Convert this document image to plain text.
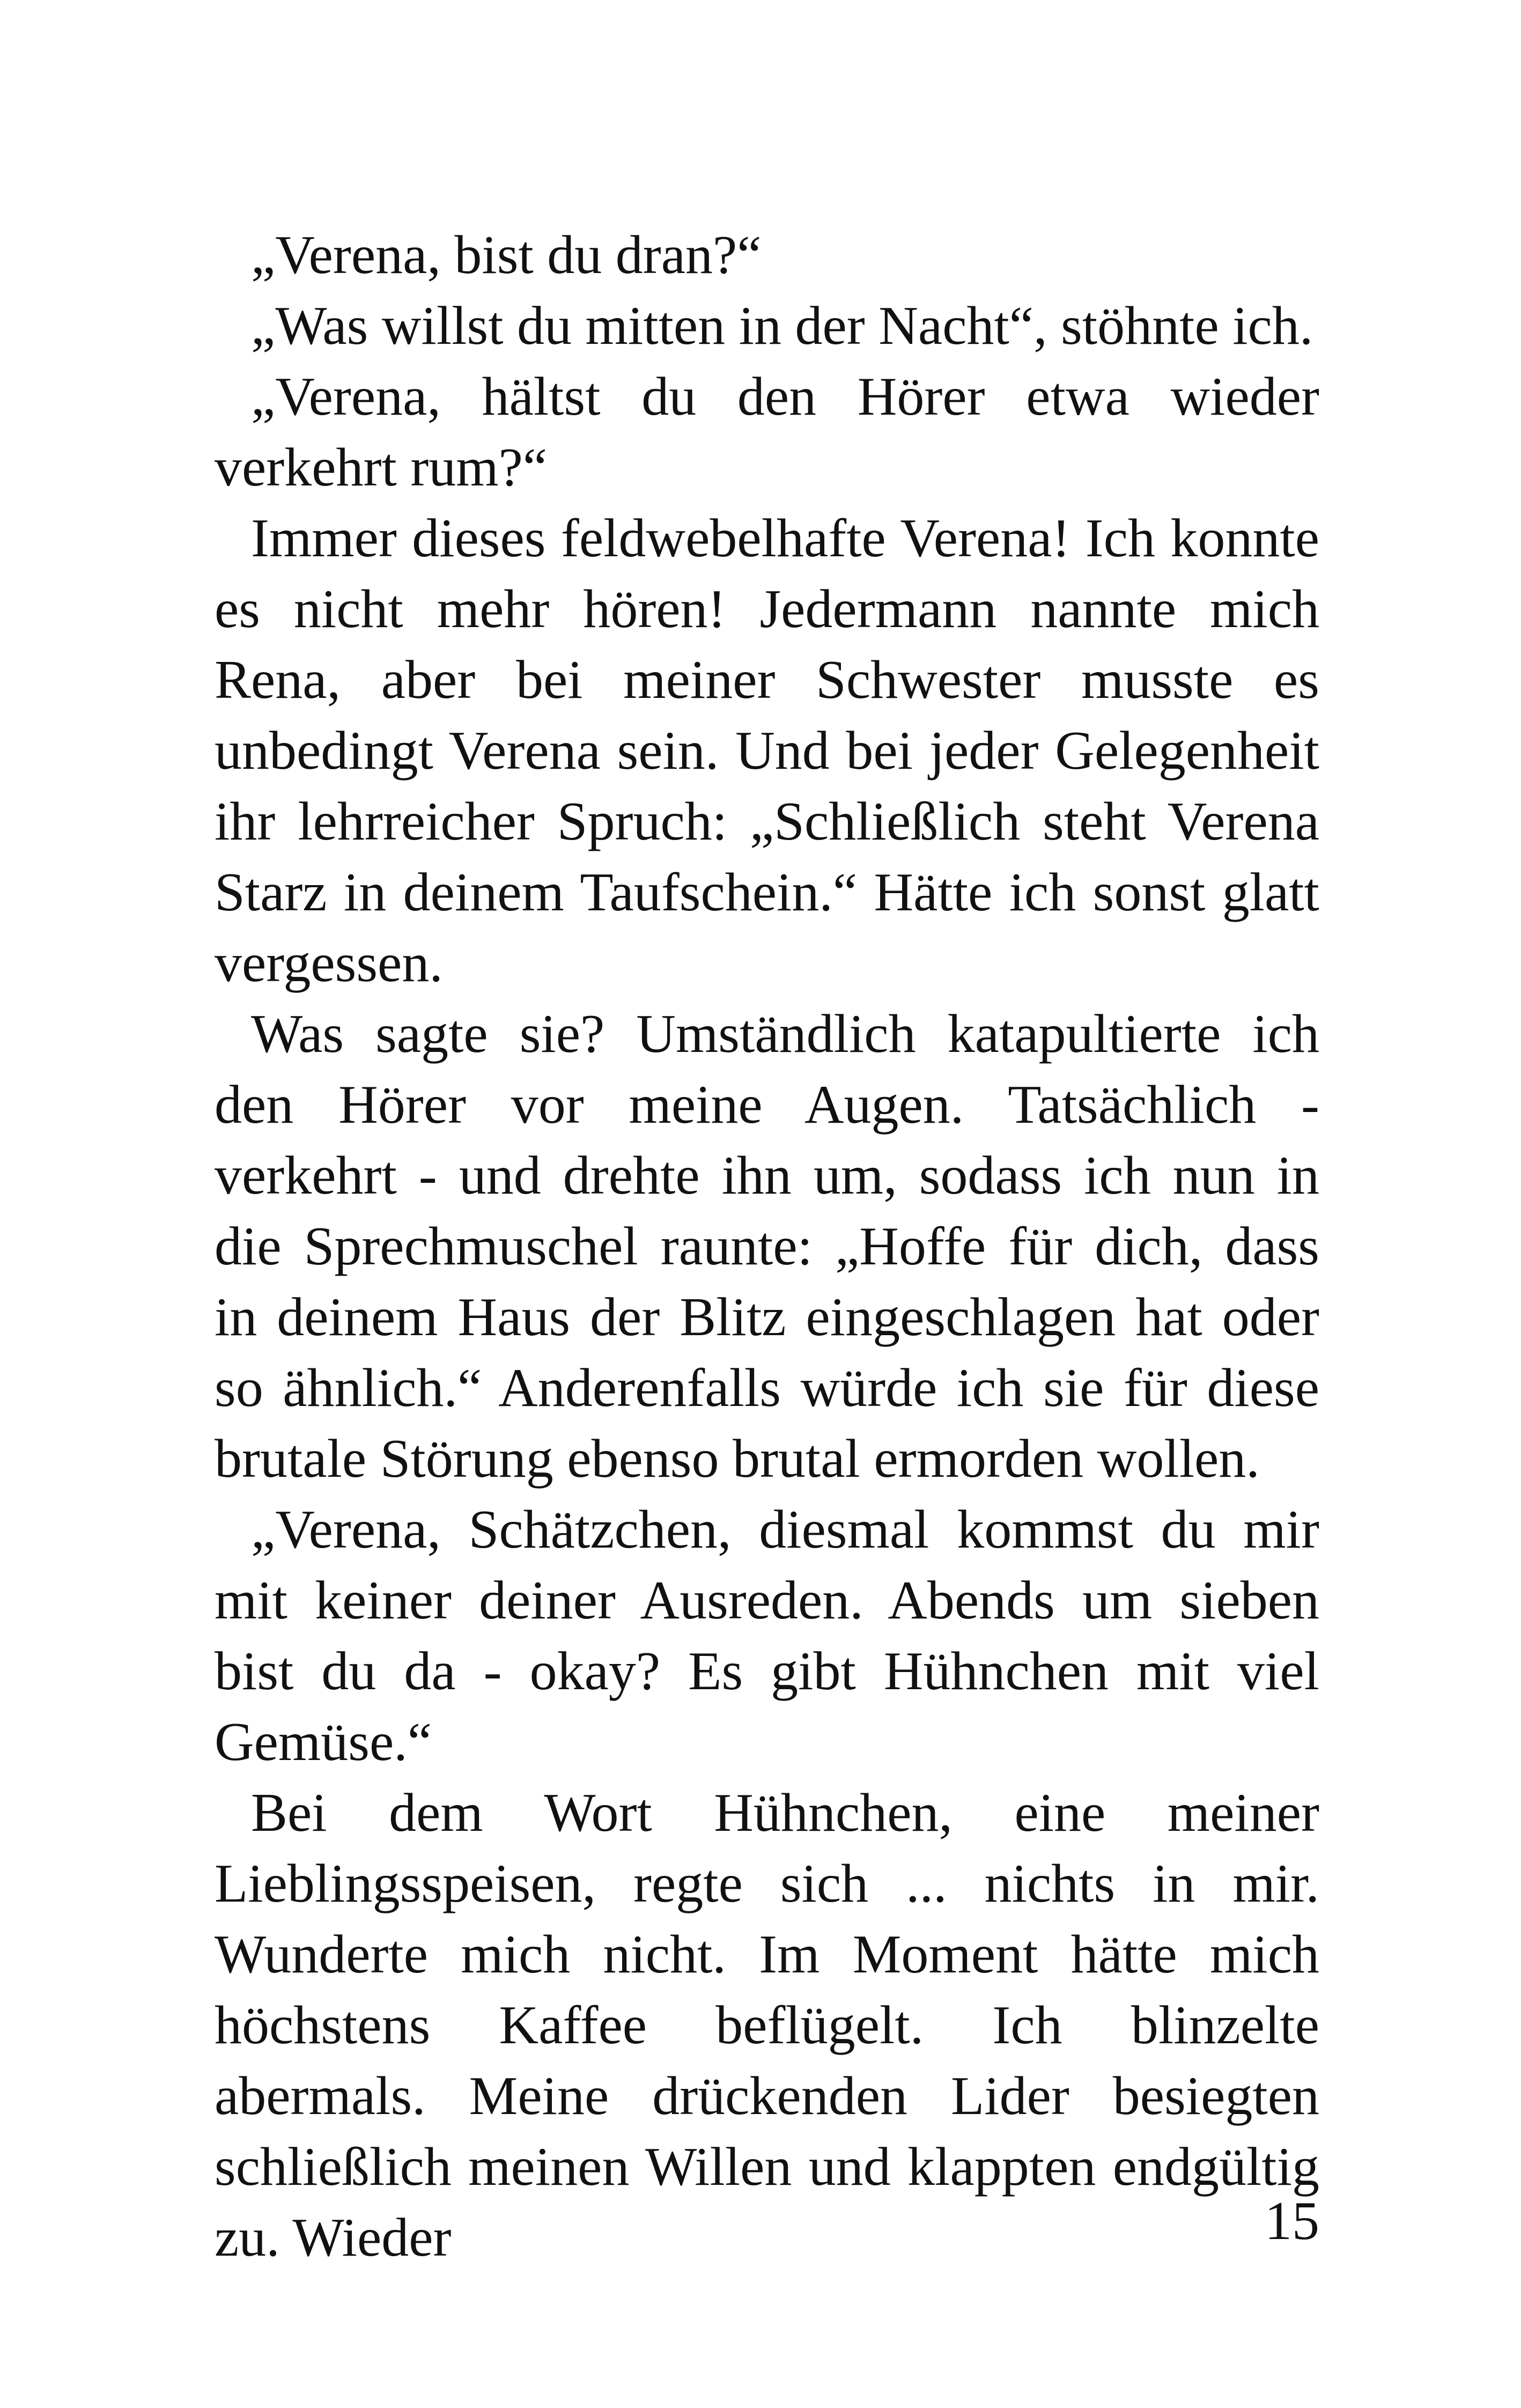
„Verena, bist du dran?“

„Was willst du mitten in der Nacht“, stöhnte ich.

„Verena, hältst du den Hörer etwa wieder verkehrt rum?“

Immer dieses feldwebelhafte Verena! Ich konnte es nicht mehr hören! Jedermann nannte mich Rena, aber bei meiner Schwester musste es unbedingt Verena sein. Und bei jeder Gelegenheit ihr lehrreicher Spruch: „Schließlich steht Verena Starz in deinem Taufschein.“ Hätte ich sonst glatt vergessen.

Was sagte sie? Umständlich katapultierte ich den Hörer vor meine Augen. Tatsächlich - verkehrt - und drehte ihn um, sodass ich nun in die Sprechmuschel raunte: „Hoffe für dich, dass in deinem Haus der Blitz eingeschlagen hat oder so ähnlich.“ Anderenfalls würde ich sie für diese brutale Störung ebenso brutal ermorden wollen.

„Verena, Schätzchen, diesmal kommst du mir mit keiner deiner Ausreden. Abends um sieben bist du da - okay? Es gibt Hühnchen mit viel Gemüse.“

Bei dem Wort Hühnchen, eine meiner Lieblingsspeisen, regte sich ... nichts in mir. Wunderte mich nicht. Im Moment hätte mich höchstens Kaffee beflügelt. Ich blinzelte abermals. Meine drückenden Lider besiegten schließlich meinen Willen und klappten endgültig zu. Wieder	15
